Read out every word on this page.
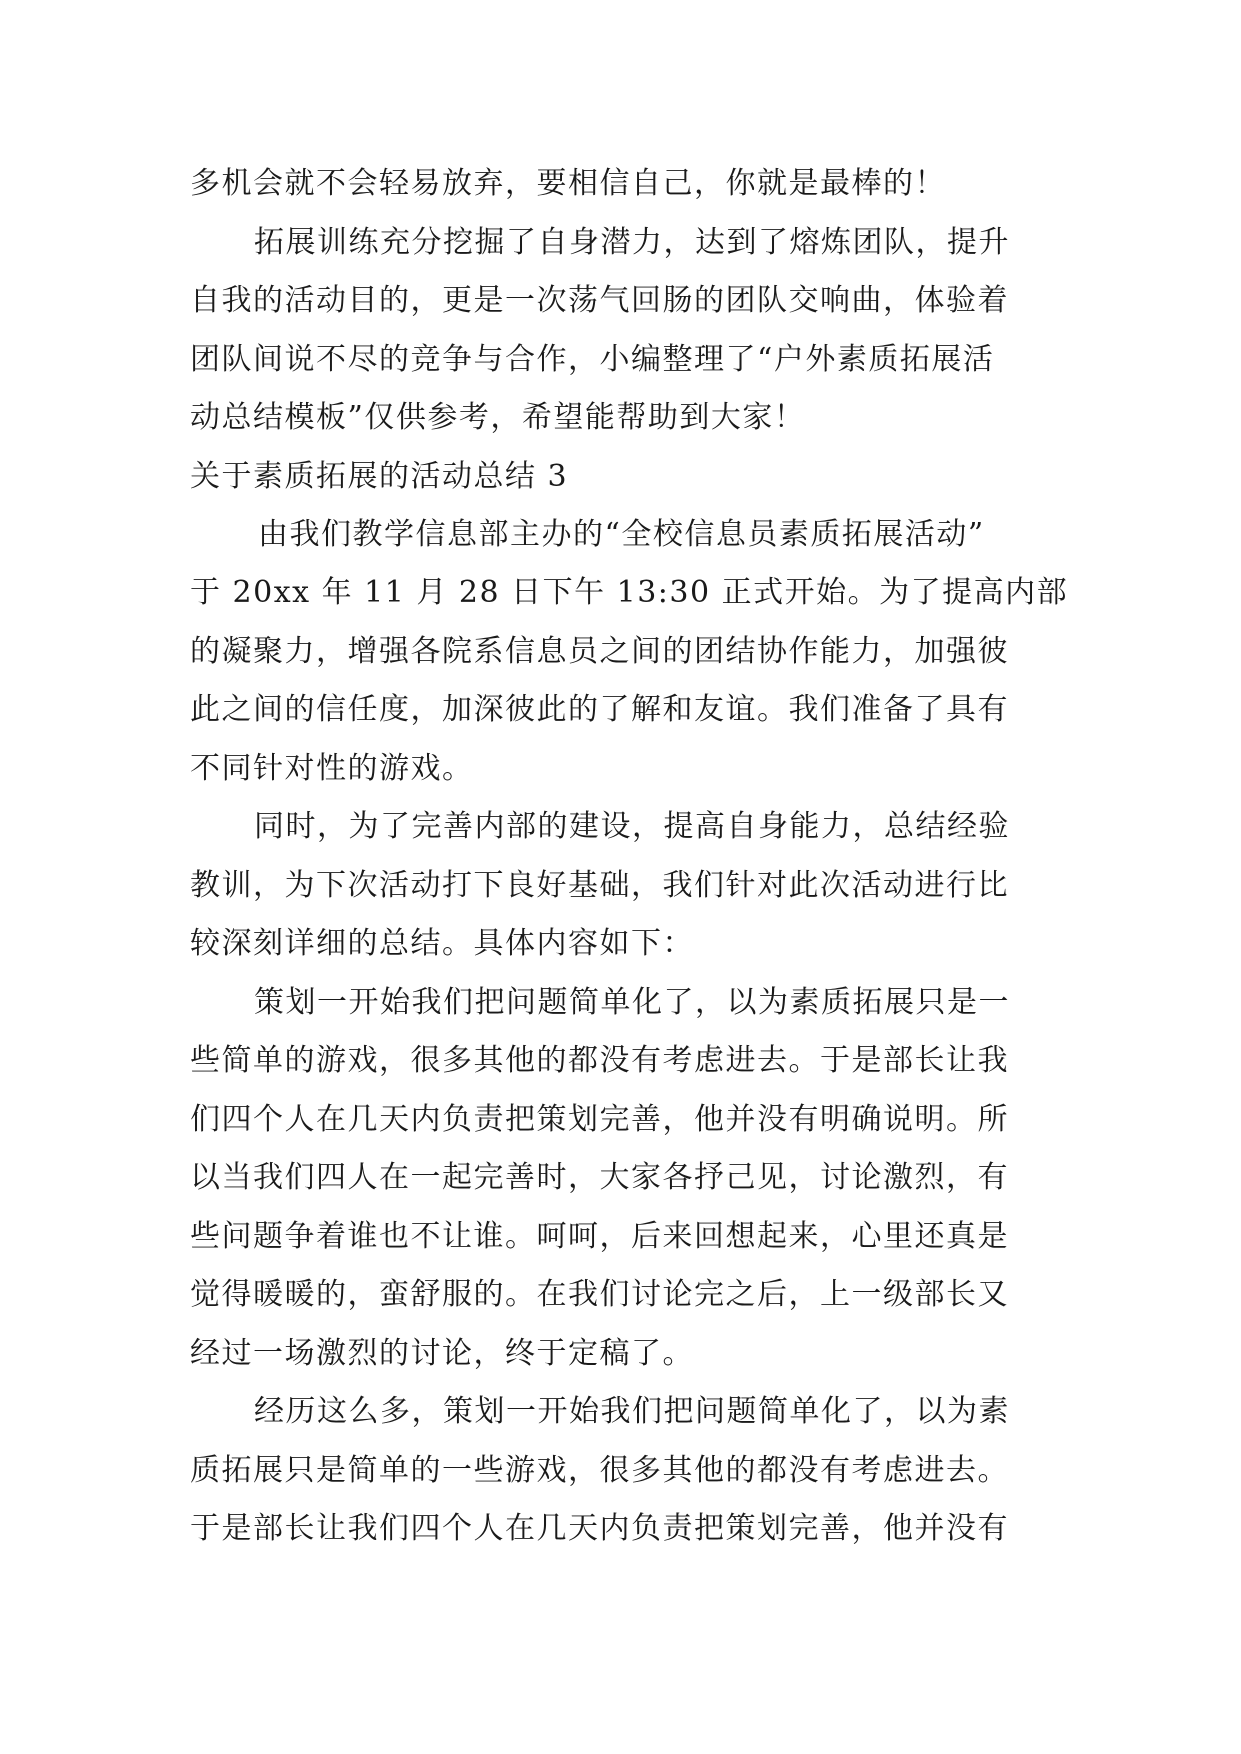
多机会就不会轻易放弃，要相信自己，你就是最棒的！
拓展训练充分挖掘了自身潜力，达到了熔炼团队，提升
自我的活动目的，更是一次荡气回肠的团队交响曲，体验着
团队间说不尽的竞争与合作，小编整理了“户外素质拓展活
动总结模板”仅供参考，希望能帮助到大家！
关于素质拓展的活动总结 3
由我们教学信息部主办的“全校信息员素质拓展活动”
于 20xx 年 11 月 28 日下午 13:30 正式开始。为了提高内部
的凝聚力，增强各院系信息员之间的团结协作能力，加强彼
此之间的信任度，加深彼此的了解和友谊。我们准备了具有
不同针对性的游戏。
同时，为了完善内部的建设，提高自身能力，总结经验
教训，为下次活动打下良好基础，我们针对此次活动进行比
较深刻详细的总结。具体内容如下：
策划一开始我们把问题简单化了，以为素质拓展只是一
些简单的游戏，很多其他的都没有考虑进去。于是部长让我
们四个人在几天内负责把策划完善，他并没有明确说明。所
以当我们四人在一起完善时，大家各抒己见，讨论激烈，有
些问题争着谁也不让谁。呵呵，后来回想起来，心里还真是
觉得暖暖的，蛮舒服的。在我们讨论完之后，上一级部长又
经过一场激烈的讨论，终于定稿了。
经历这么多，策划一开始我们把问题简单化了，以为素
质拓展只是简单的一些游戏，很多其他的都没有考虑进去。
于是部长让我们四个人在几天内负责把策划完善，他并没有
